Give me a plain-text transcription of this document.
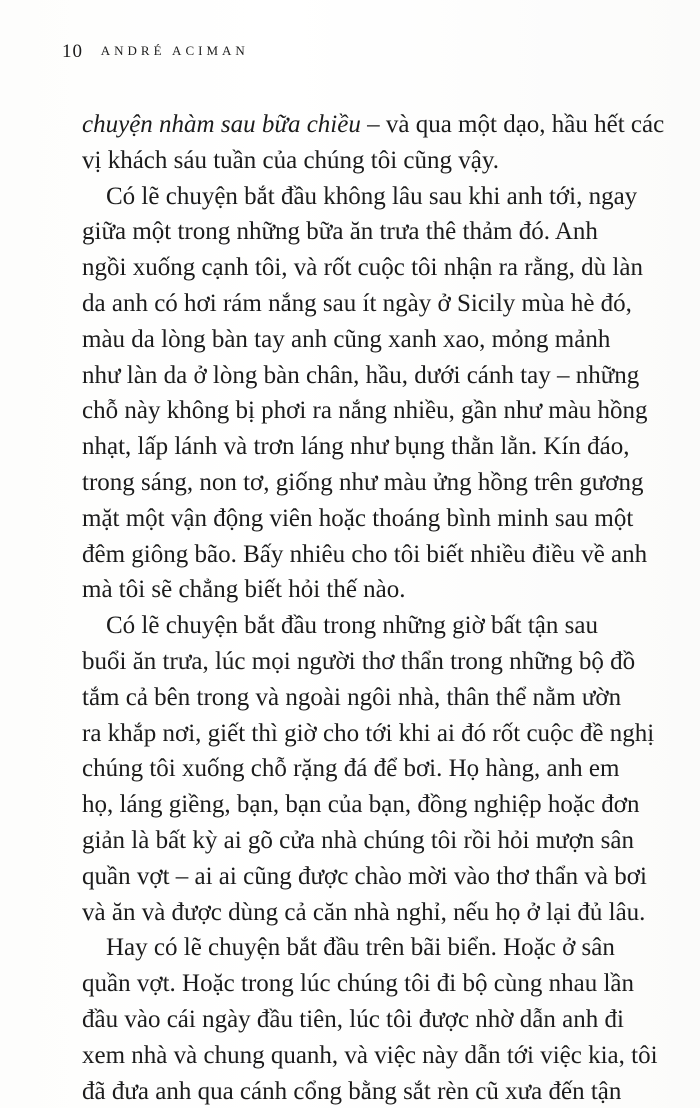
10 ANDRÉ ACIMAN
chuyện nhàm sau bữa chiều – và qua một dạo, hầu hết các
vị khách sáu tuần của chúng tôi cũng vậy.
Có lẽ chuyện bắt đầu không lâu sau khi anh tới, ngay
giữa một trong những bữa ăn trưa thê thảm đó. Anh
ngồi xuống cạnh tôi, và rốt cuộc tôi nhận ra rằng, dù làn
da anh có hơi rám nắng sau ít ngày ở Sicily mùa hè đó,
màu da lòng bàn tay anh cũng xanh xao, mỏng mảnh
như làn da ở lòng bàn chân, hầu, dưới cánh tay – những
chỗ này không bị phơi ra nắng nhiều, gần như màu hồng
nhạt, lấp lánh và trơn láng như bụng thằn lằn. Kín đáo,
trong sáng, non tơ, giống như màu ửng hồng trên gương
mặt một vận động viên hoặc thoáng bình minh sau một
đêm giông bão. Bấy nhiêu cho tôi biết nhiều điều về anh
mà tôi sẽ chẳng biết hỏi thế nào.
Có lẽ chuyện bắt đầu trong những giờ bất tận sau
buổi ăn trưa, lúc mọi người thơ thẩn trong những bộ đồ
tắm cả bên trong và ngoài ngôi nhà, thân thể nằm ườn
ra khắp nơi, giết thì giờ cho tới khi ai đó rốt cuộc đề nghị
chúng tôi xuống chỗ rặng đá để bơi. Họ hàng, anh em
họ, láng giềng, bạn, bạn của bạn, đồng nghiệp hoặc đơn
giản là bất kỳ ai gõ cửa nhà chúng tôi rồi hỏi mượn sân
quần vợt – ai ai cũng được chào mời vào thơ thẩn và bơi
và ăn và được dùng cả căn nhà nghỉ, nếu họ ở lại đủ lâu.
Hay có lẽ chuyện bắt đầu trên bãi biển. Hoặc ở sân
quần vợt. Hoặc trong lúc chúng tôi đi bộ cùng nhau lần
đầu vào cái ngày đầu tiên, lúc tôi được nhờ dẫn anh đi
xem nhà và chung quanh, và việc này dẫn tới việc kia, tôi
đã đưa anh qua cánh cổng bằng sắt rèn cũ xưa đến tận
